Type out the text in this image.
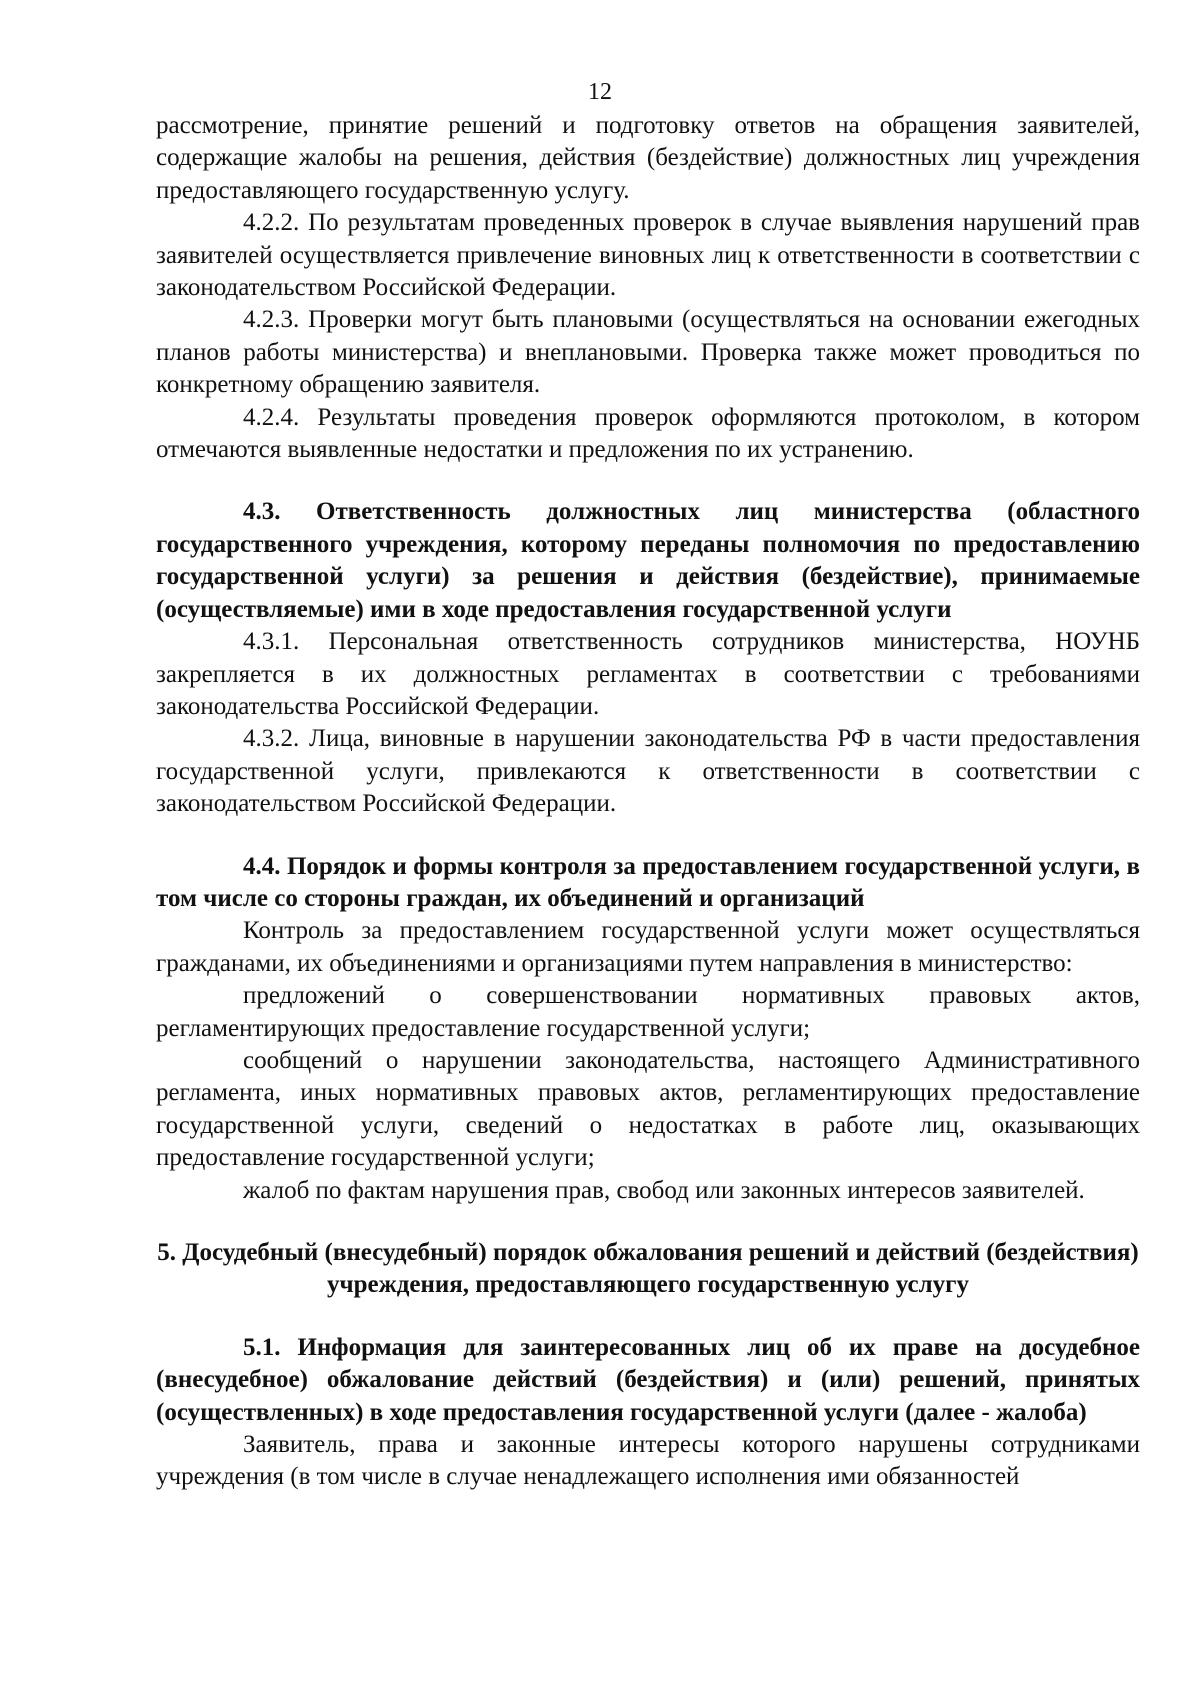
12

рассмотрение, принятие решений и подготовку ответов на обращения заявителей, содержащие жалобы на решения, действия (бездействие) должностных лиц учреждения предоставляющего государственную услугу.

4.2.2. По результатам проведенных проверок в случае выявления нарушений прав заявителей осуществляется привлечение виновных лиц к ответственности в соответствии с законодательством Российской Федерации.

4.2.3. Проверки могут быть плановыми (осуществляться на основании ежегодных планов работы министерства) и внеплановыми. Проверка также может проводиться по конкретному обращению заявителя.

4.2.4. Результаты проведения проверок оформляются протоколом, в котором отмечаются выявленные недостатки и предложения по их устранению.

4.3. Ответственность должностных лиц министерства (областного государственного учреждения, которому переданы полномочия по предоставлению государственной услуги) за решения и действия (бездействие), принимаемые (осуществляемые) ими в ходе предоставления государственной услуги

4.3.1. Персональная ответственность сотрудников министерства, НОУНБ закрепляется в их должностных регламентах в соответствии с требованиями законодательства Российской Федерации.

4.3.2. Лица, виновные в нарушении законодательства РФ в части предоставления государственной услуги, привлекаются к ответственности в соответствии с законодательством Российской Федерации.

4.4. Порядок и формы контроля за предоставлением государственной услуги, в том числе со стороны граждан, их объединений и организаций

Контроль за предоставлением государственной услуги может осуществляться гражданами, их объединениями и организациями путем направления в министерство:

предложений о совершенствовании нормативных правовых актов, регламентирующих предоставление государственной услуги;

сообщений о нарушении законодательства, настоящего Административного регламента, иных нормативных правовых актов, регламентирующих предоставление государственной услуги, сведений о недостатках в работе лиц, оказывающих предоставление государственной услуги;

жалоб по фактам нарушения прав, свобод или законных интересов заявителей.

5. Досудебный (внесудебный) порядок обжалования решений и действий (бездействия) учреждения, предоставляющего государственную услугу

5.1. Информация для заинтересованных лиц об их праве на досудебное (внесудебное) обжалование действий (бездействия) и (или) решений, принятых (осуществленных) в ходе предоставления государственной услуги (далее - жалоба)

Заявитель, права и законные интересы которого нарушены сотрудниками учреждения (в том числе в случае ненадлежащего исполнения ими обязанностей
